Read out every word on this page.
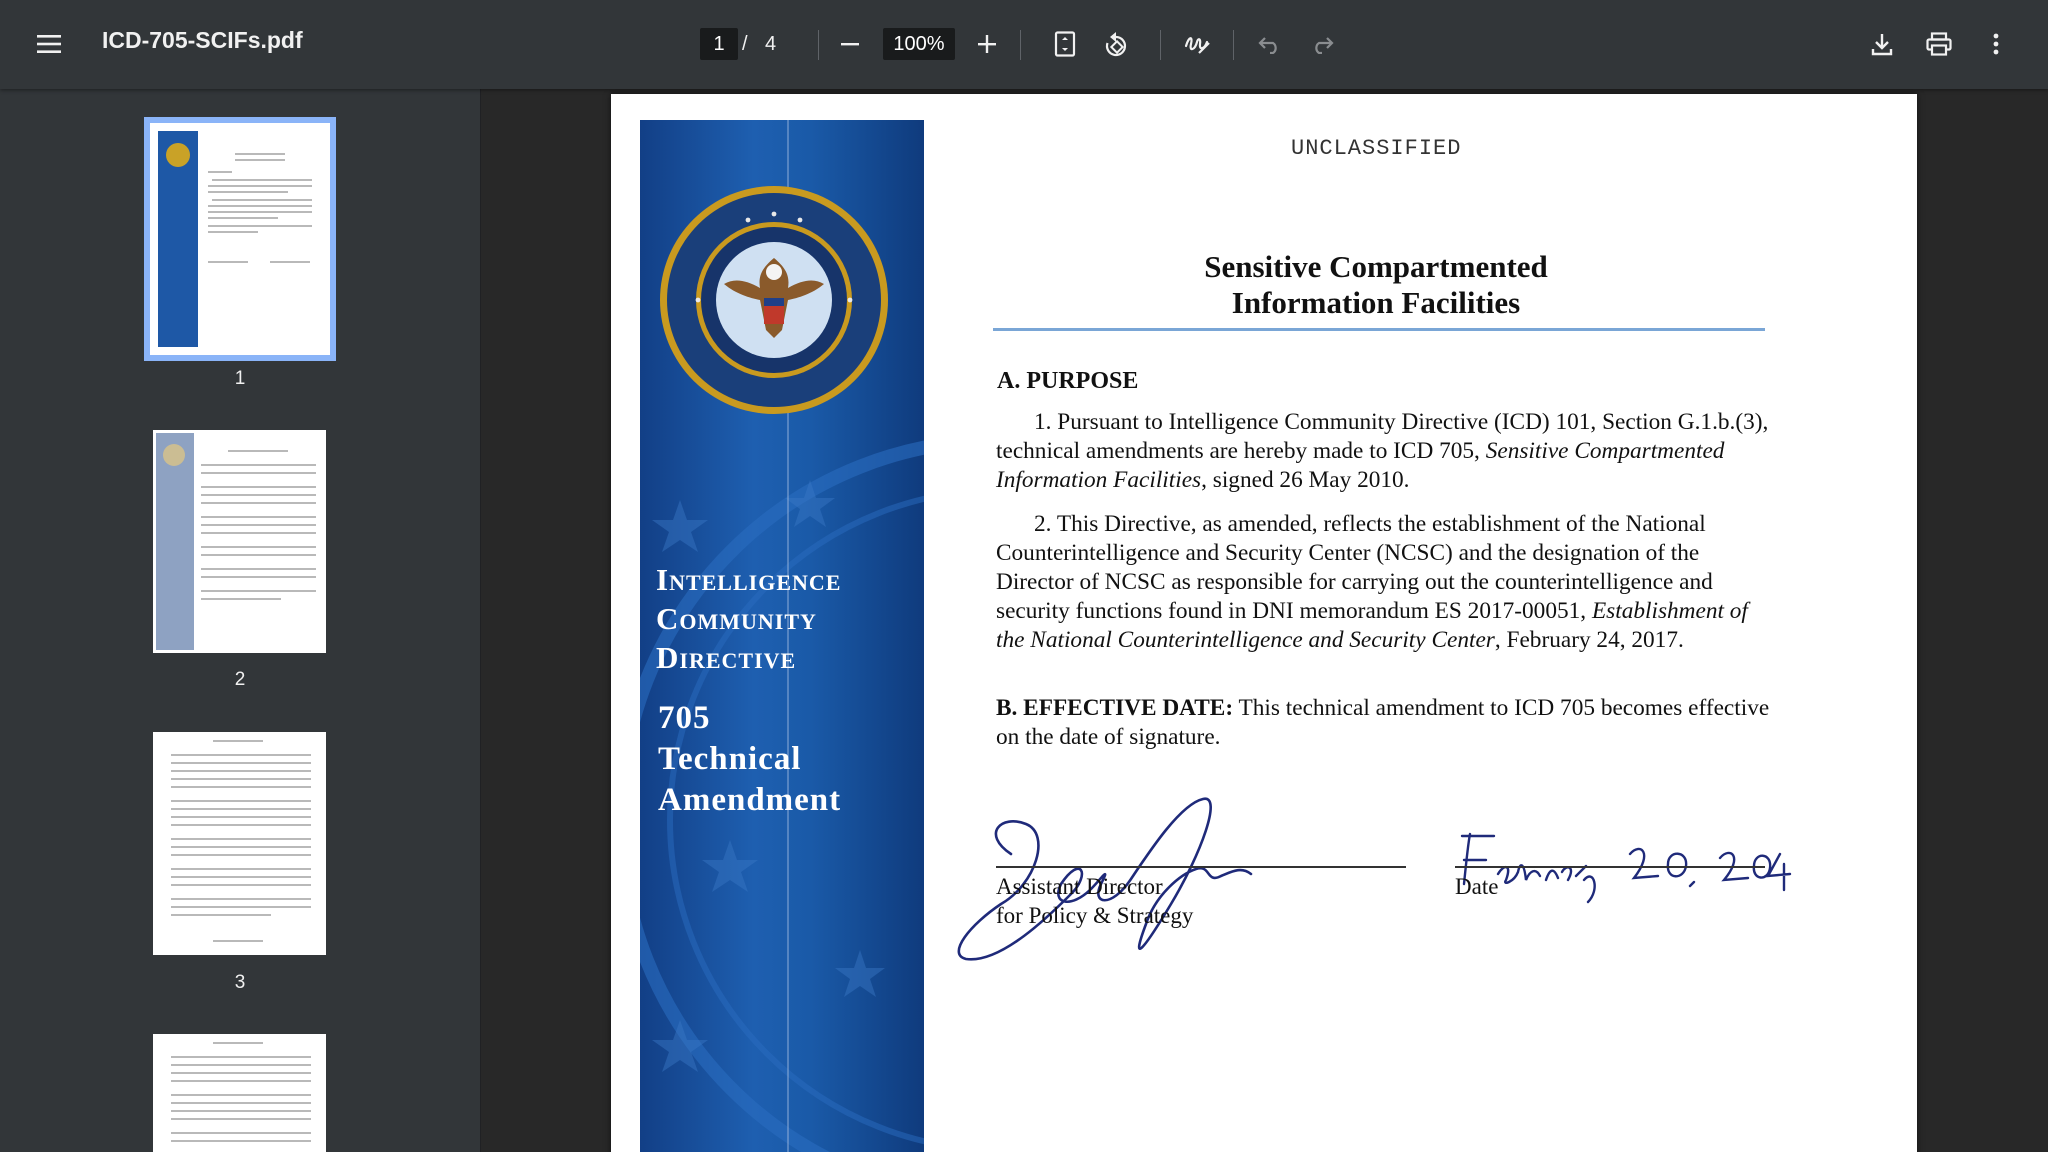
ICD-705-SCIFs.pdf	1 / 4	100%
1
2
3
Intelligence
Community
Directive
705
Technical
Amendment
UNCLASSIFIED
Sensitive Compartmented
Information Facilities
A. PURPOSE
1. Pursuant to Intelligence Community Directive (ICD) 101, Section G.1.b.(3), technical amendments are hereby made to ICD 705, Sensitive Compartmented Information Facilities, signed 26 May 2010.
2. This Directive, as amended, reflects the establishment of the National Counterintelligence and Security Center (NCSC) and the designation of the Director of NCSC as responsible for carrying out the counterintelligence and security functions found in DNI memorandum ES 2017-00051, Establishment of the National Counterintelligence and Security Center, February 24, 2017.
B. EFFECTIVE DATE: This technical amendment to ICD 705 becomes effective on the date of signature.
Assistant Director
for Policy & Strategy
Date
